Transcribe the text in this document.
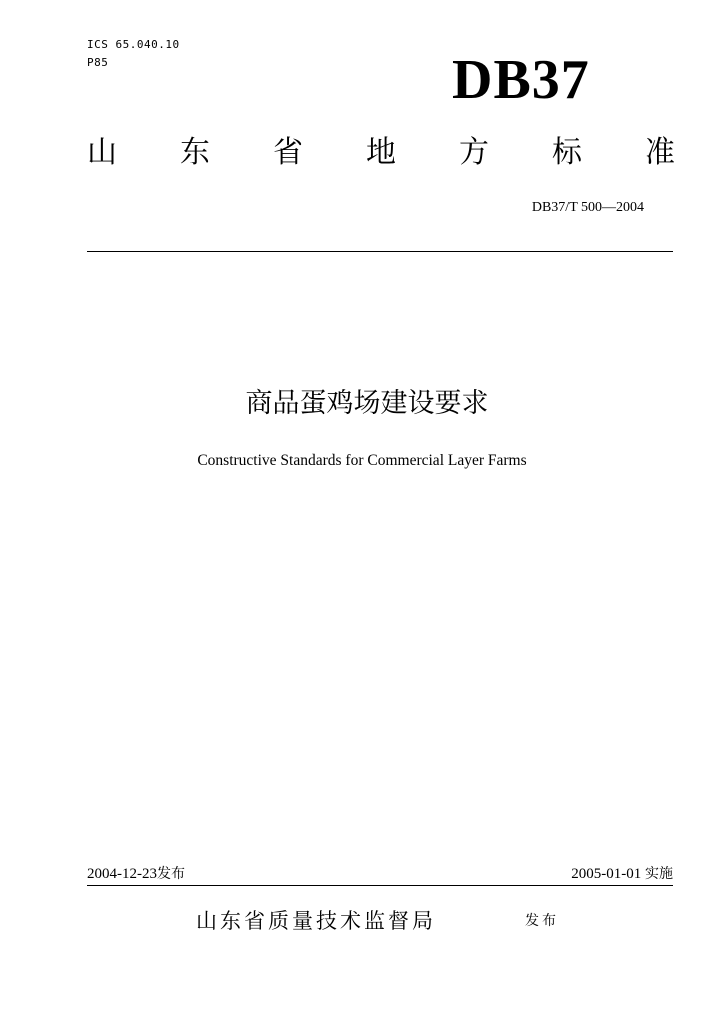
ICS 65.040.10
P85	DB37
山 东 省 地 方 标 准
DB37/T 500—2004
商品蛋鸡场建设要求
Constructive Standards for Commercial Layer Farms
2004-12-23发布	2005-01-01 实施
山东省质量技术监督局	发布
